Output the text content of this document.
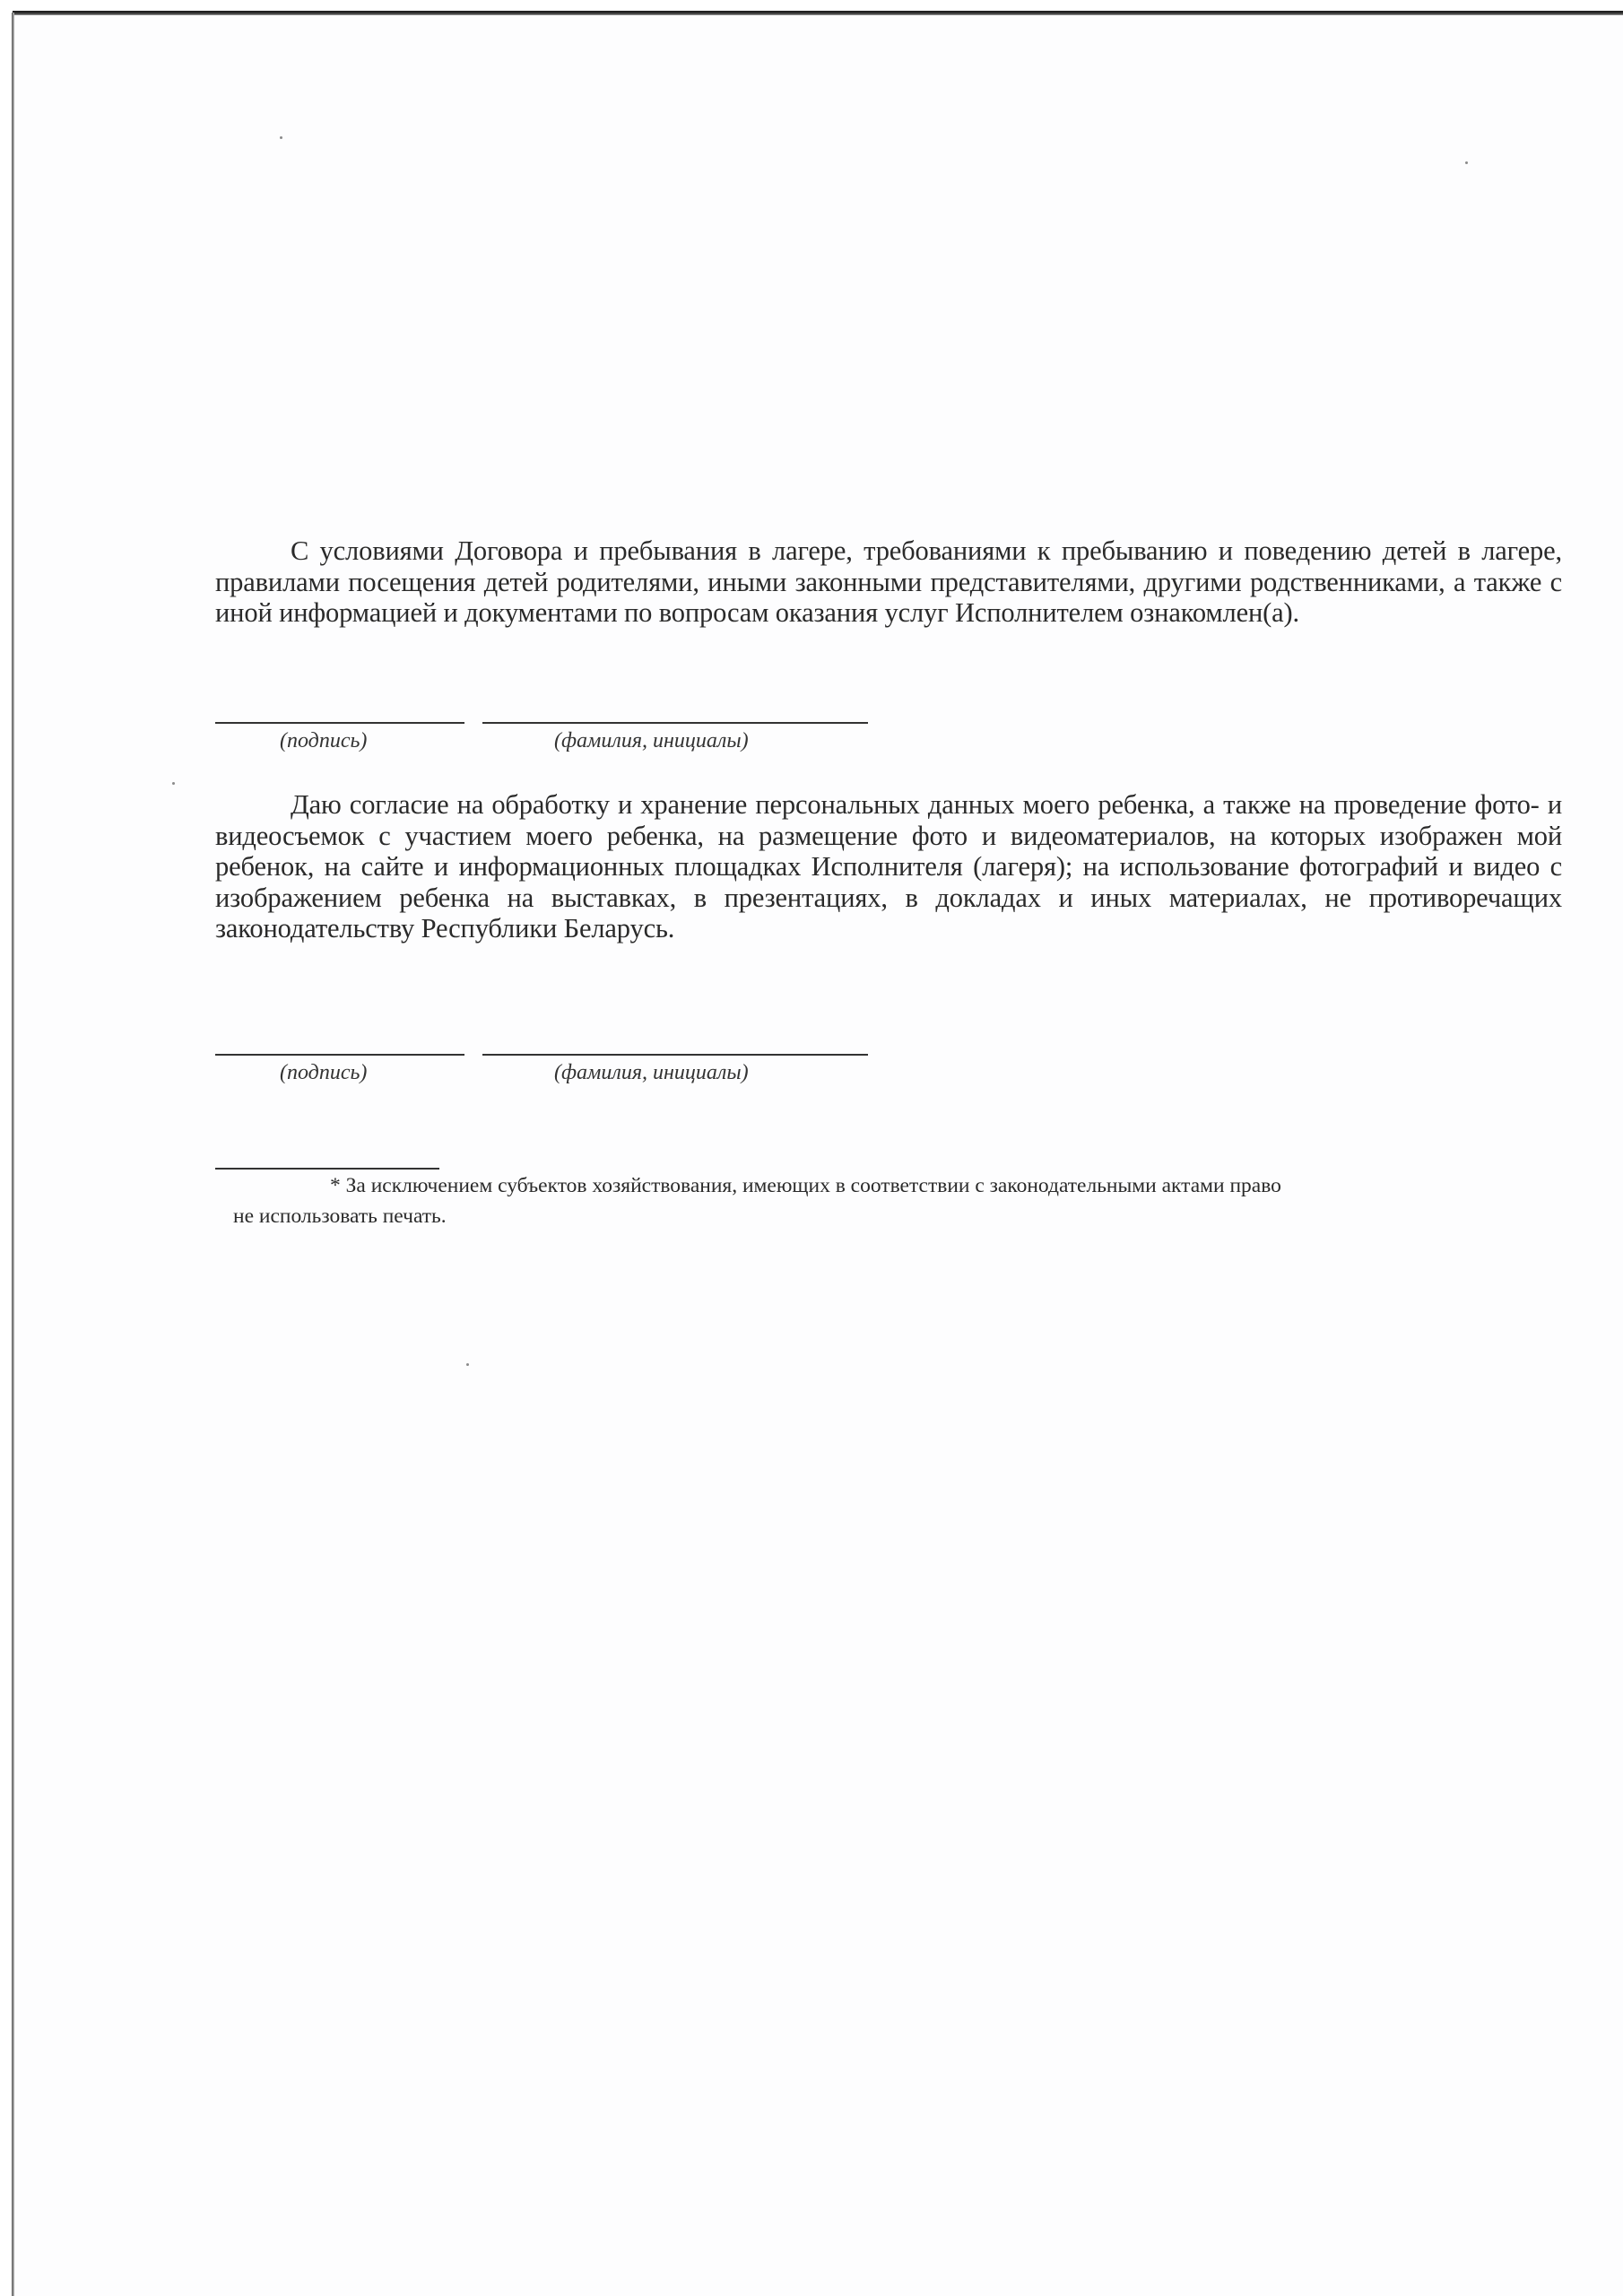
С условиями Договора и пребывания в лагере, требованиями к пребыванию и поведению детей в лагере, правилами посещения детей родителями, иными законными представителями, другими родственниками, а также с иной информацией и документами по вопросам оказания услуг Исполнителем ознакомлен(а).

(подпись)	(фамилия, инициалы)

Даю согласие на обработку и хранение персональных данных моего ребенка, а также на проведение фото- и видеосъемок с участием моего ребенка, на размещение фото и видеоматериалов, на которых изображен мой ребенок, на сайте и информационных площадках Исполнителя (лагеря); на использование фотографий и видео с изображением ребенка на выставках, в презентациях, в докладах и иных материалах, не противоречащих законодательству Республики Беларусь.

(подпись)	(фамилия, инициалы)

* За исключением субъектов хозяйствования, имеющих в соответствии с законодательными актами право
не использовать печать.
